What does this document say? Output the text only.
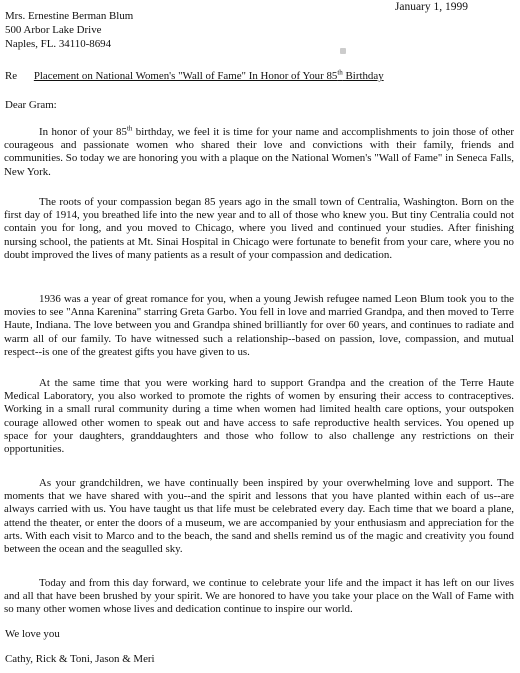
January 1, 1999
Mrs. Ernestine Berman Blum
500 Arbor Lake Drive
Naples, FL. 34110-8694
Re Placement on National Women's "Wall of Fame" In Honor of Your 85th Birthday
Dear Gram:
In honor of your 85th birthday, we feel it is time for your name and accomplishments to join those of other courageous and passionate women who shared their love and convictions with their family, friends and communities. So today we are honoring you with a plaque on the National Women's "Wall of Fame" in Seneca Falls, New York.
The roots of your compassion began 85 years ago in the small town of Centralia, Washington. Born on the first day of 1914, you breathed life into the new year and to all of those who knew you. But tiny Centralia could not contain you for long, and you moved to Chicago, where you lived and continued your studies. After finishing nursing school, the patients at Mt. Sinai Hospital in Chicago were fortunate to benefit from your care, where you no doubt improved the lives of many patients as a result of your compassion and dedication.
1936 was a year of great romance for you, when a young Jewish refugee named Leon Blum took you to the movies to see "Anna Karenina" starring Greta Garbo. You fell in love and married Grandpa, and then moved to Terre Haute, Indiana. The love between you and Grandpa shined brilliantly for over 60 years, and continues to radiate and warm all of our family. To have witnessed such a relationship--based on passion, love, compassion, and mutual respect--is one of the greatest gifts you have given to us.
At the same time that you were working hard to support Grandpa and the creation of the Terre Haute Medical Laboratory, you also worked to promote the rights of women by ensuring their access to contraceptives. Working in a small rural community during a time when women had limited health care options, your outspoken courage allowed other women to speak out and have access to safe reproductive health services. You opened up space for your daughters, granddaughters and those who follow to also challenge any restrictions on their opportunities.
As your grandchildren, we have continually been inspired by your overwhelming love and support. The moments that we have shared with you--and the spirit and lessons that you have planted within each of us--are always carried with us. You have taught us that life must be celebrated every day. Each time that we board a plane, attend the theater, or enter the doors of a museum, we are accompanied by your enthusiasm and appreciation for the arts. With each visit to Marco and to the beach, the sand and shells remind us of the magic and creativity you found between the ocean and the seagulled sky.
Today and from this day forward, we continue to celebrate your life and the impact it has left on our lives and all that have been brushed by your spirit. We are honored to have you take your place on the Wall of Fame with so many other women whose lives and dedication continue to inspire our world.
We love you
Cathy, Rick & Toni, Jason & Meri
